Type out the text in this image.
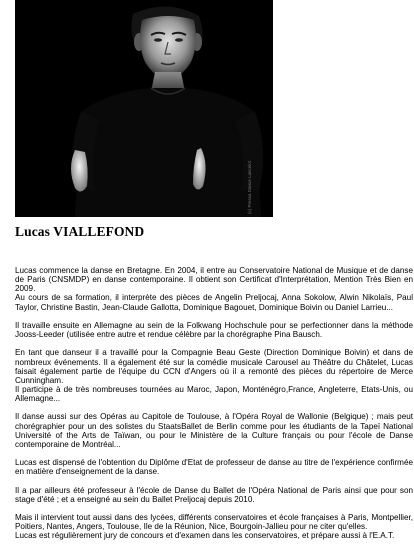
(c) Pressa Dance Lancelot
Lucas VIALLEFOND

Lucas commence la danse en Bretagne. En 2004, il entre au Conservatoire National de Musique et de danse de Paris (CNSMDP) en danse contemporaine. Il obtient son Certificat d'Interprétation, Mention Très Bien en 2009.
Au cours de sa formation, il interprète des pièces de Angelin Preljocaj, Anna Sokolow, Alwin Nikolaïs, Paul Taylor, Christine Bastin, Jean-Claude Gallotta, Dominique Bagouet, Dominique Boivin ou Daniel Larrieu...

Il travaille ensuite en Allemagne au sein de la Folkwang Hochschule pour se perfectionner dans la méthode Jooss-Leeder (utilisée entre autre et rendue célèbre par la chorégraphe Pina Bausch.

En tant que danseur il a travaillé pour la Compagnie Beau Geste (Direction Dominique Boivin) et dans de nombreux événements. Il a également été sur la comédie musicale Carousel au Théâtre du Châtelet, Lucas faisait également partie de l'équipe du CCN d'Angers où il a remonté des pièces du répertoire de Merce Cunningham.
Il participe à de très nombreuses tournées au Maroc, Japon, Monténégro,France, Angleterre, Etats-Unis, ou Allemagne...

Il danse aussi sur des Opéras au Capitole de Toulouse, à l'Opéra Royal de Wallonie (Belgique) ; mais peut chorégraphier pour un des solistes du StaatsBallet de Berlin comme pour les étudiants de la Tapeï National Université of the Arts de Taïwan, ou pour le Ministère de la Culture français ou pour l'école de Danse contemporaine de Montréal...

Lucas est dispensé de l'obtention du Diplôme d'Etat de professeur de danse au titre de l'expérience confirmée en matière d'enseignement de la danse.

Il a par ailleurs été professeur à l'école de Danse du Ballet de l'Opéra National de Paris ainsi que pour son stage d'été ; et a enseigné au sein du Ballet Preljocaj depuis 2010.

Mais il intervient tout aussi dans des lycées, différents conservatoires et école françaises à Paris, Montpellier, Poitiers, Nantes, Angers, Toulouse, Ile de la Réunion, Nice, Bourgoin-Jallieu pour ne citer qu'elles.
Lucas est régulièrement jury de concours et d'examen dans les conservatoires, et prépare aussi à l'E.A.T.
